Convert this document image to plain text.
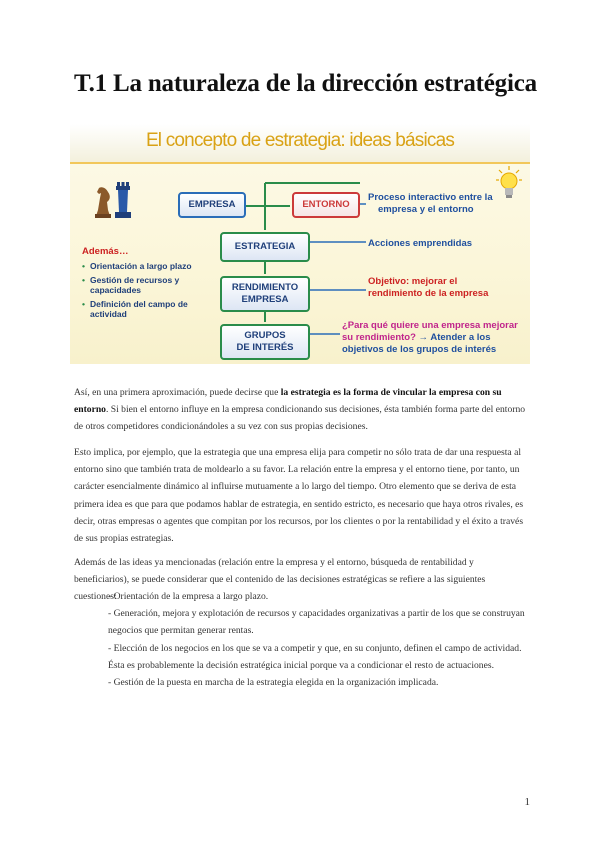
T.1 La naturaleza de la dirección estratégica
El concepto de estrategia: ideas básicas
EMPRESA	ENTORNO
ESTRATEGIA
RENDIMIENTO
EMPRESA
GRUPOS
DE INTERÉS
Proceso interactivo entre la
empresa y el entorno
Acciones emprendidas
Objetivo: mejorar el
rendimiento de la empresa
¿Para qué quiere una empresa mejorar
su rendimiento? → Atender a los
objetivos de los grupos de interés
Además…
• Orientación a largo plazo
• Gestión de recursos y capacidades
• Definición del campo de actividad
Así, en una primera aproximación, puede decirse que la estrategia es la forma de vincular la empresa con su entorno. Si bien el entorno influye en la empresa condicionando sus decisiones, ésta también forma parte del entorno de otros competidores condicionándoles a su vez con sus propias decisiones.
Esto implica, por ejemplo, que la estrategia que una empresa elija para competir no sólo trata de dar una respuesta al entorno sino que también trata de moldearlo a su favor. La relación entre la empresa y el entorno tiene, por tanto, un carácter esencialmente dinámico al influirse mutuamente a lo largo del tiempo. Otro elemento que se deriva de esta primera idea es que para que podamos hablar de estrategia, en sentido estricto, es necesario que haya otros rivales, es decir, otras empresas o agentes que compitan por los recursos, por los clientes o por la rentabilidad y el éxito a través de sus propias estrategias.
Además de las ideas ya mencionadas (relación entre la empresa y el entorno, búsqueda de rentabilidad y beneficiarios), se puede considerar que el contenido de las decisiones estratégicas se refiere a las siguientes cuestiones:
- Orientación de la empresa a largo plazo.
- Generación, mejora y explotación de recursos y capacidades organizativas a partir de los que se construyan negocios que permitan generar rentas.
- Elección de los negocios en los que se va a competir y que, en su conjunto, definen el campo de actividad. Ésta es probablemente la decisión estratégica inicial porque va a condicionar el resto de actuaciones.
- Gestión de la puesta en marcha de la estrategia elegida en la organización implicada.
1
